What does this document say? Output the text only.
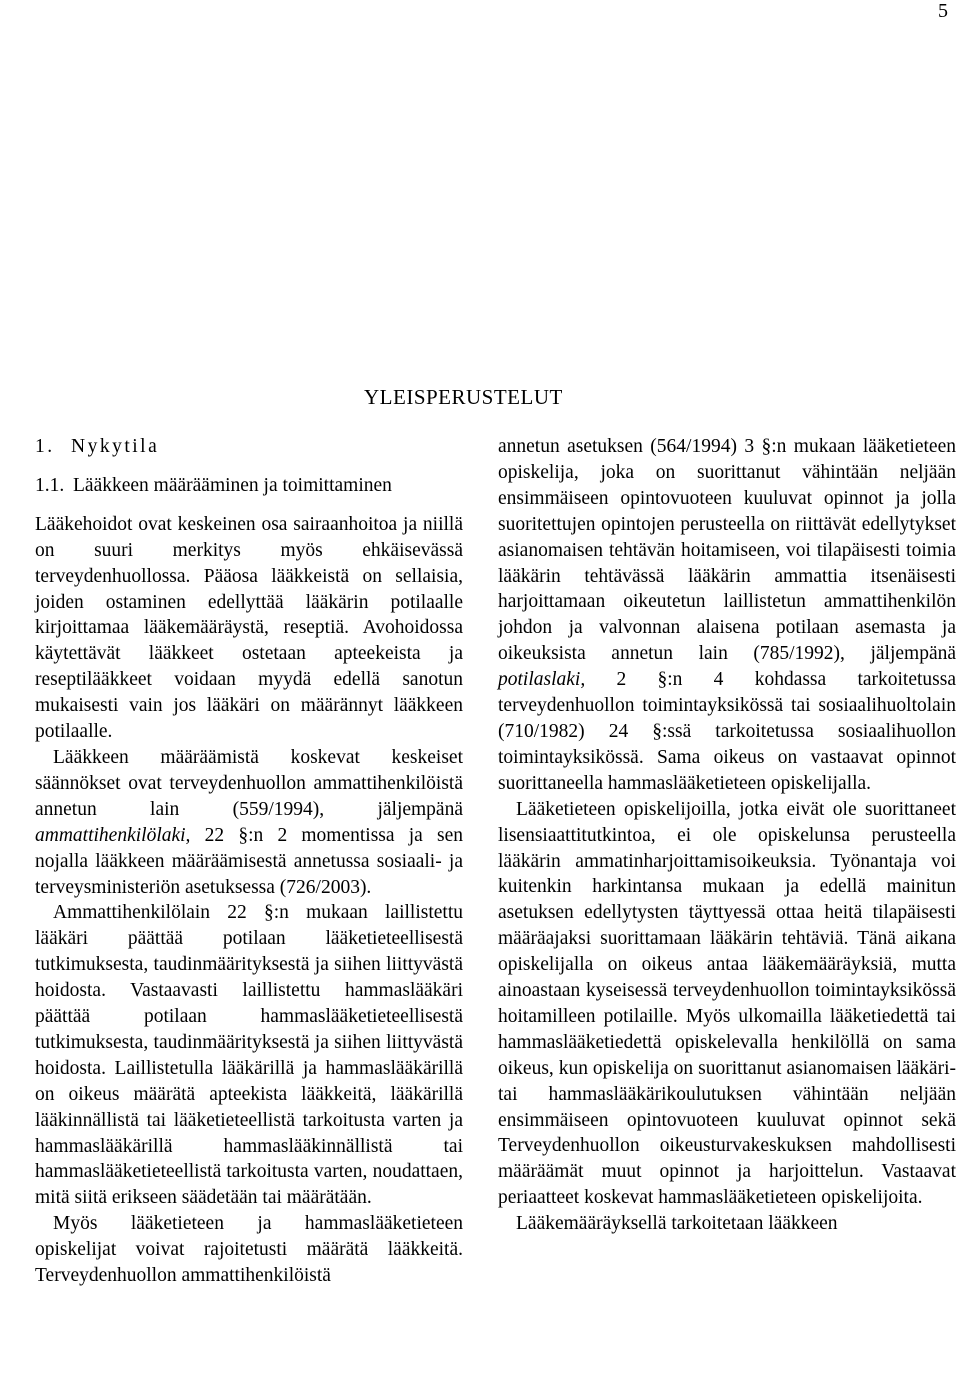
5
YLEISPERUSTELUT
1. Nykytila
1.1. Lääkkeen määrääminen ja toimittaminen

Lääkehoidot ovat keskeinen osa sairaanhoitoa ja niillä on suuri merkitys myös ehkäisevässä terveydenhuollossa. Pääosa lääkkeistä on sellaisia, joiden ostaminen edellyttää lääkärin potilaalle kirjoittamaa lääkemääräystä, reseptiä. Avohoidossa käytettävät lääkkeet ostetaan apteekeista ja reseptilääkkeet voidaan myydä edellä sanotun mukaisesti vain jos lääkäri on määrännyt lääkkeen potilaalle.

Lääkkeen määräämistä koskevat keskeiset säännökset ovat terveydenhuollon ammattihenkilöistä annetun lain (559/1994), jäljempänä ammattihenkilölaki, 22 §:n 2 momentissa ja sen nojalla lääkkeen määräämisestä annetussa sosiaali- ja terveysministeriön asetuksessa (726/2003).

Ammattihenkilölain 22 §:n mukaan laillistettu lääkäri päättää potilaan lääketieteellisestä tutkimuksesta, taudinmäärityksestä ja siihen liittyvästä hoidosta. Vastaavasti laillistettu hammaslääkäri päättää potilaan hammaslääketieteellisestä tutkimuksesta, taudinmäärityksestä ja siihen liittyvästä hoidosta. Laillistetulla lääkärillä ja hammaslääkärillä on oikeus määrätä apteekista lääkkeitä, lääkärillä lääkinnällistä tai lääketieteellistä tarkoitusta varten ja hammaslääkärillä hammaslääkinnällistä tai hammaslääketieteellistä tarkoitusta varten, noudattaen, mitä siitä erikseen säädetään tai määrätään.

Myös lääketieteen ja hammaslääketieteen opiskelijat voivat rajoitetusti määrätä lääkkeitä. Terveydenhuollon ammattihenkilöistä

annetun asetuksen (564/1994) 3 §:n mukaan lääketieteen opiskelija, joka on suorittanut vähintään neljään ensimmäiseen opintovuoteen kuuluvat opinnot ja jolla suoritettujen opintojen perusteella on riittävät edellytykset asianomaisen tehtävän hoitamiseen, voi tilapäisesti toimia lääkärin tehtävässä lääkärin ammattia itsenäisesti harjoittamaan oikeutetun laillistetun ammattihenkilön johdon ja valvonnan alaisena potilaan asemasta ja oikeuksista annetun lain (785/1992), jäljempänä potilaslaki, 2 §:n 4 kohdassa tarkoitetussa terveydenhuollon toimintayksikössä tai sosiaalihuoltolain (710/1982) 24 §:ssä tarkoitetussa sosiaalihuollon toimintayksikössä. Sama oikeus on vastaavat opinnot suorittaneella hammaslääketieteen opiskelijalla.

Lääketieteen opiskelijoilla, jotka eivät ole suorittaneet lisensiaattitutkintoa, ei ole opiskelunsa perusteella lääkärin ammatinharjoittamisoikeuksia. Työnantaja voi kuitenkin harkintansa mukaan ja edellä mainitun asetuksen edellytysten täyttyessä ottaa heitä tilapäisesti määräajaksi suorittamaan lääkärin tehtäviä. Tänä aikana opiskelijalla on oikeus antaa lääkemääräyksiä, mutta ainoastaan kyseisessä terveydenhuollon toimintayksikössä hoitamilleen potilaille. Myös ulkomailla lääketiedettä tai hammaslääketiedettä opiskelevalla henkilöllä on sama oikeus, kun opiskelija on suorittanut asianomaisen lääkäri- tai hammaslääkärikoulutuksen vähintään neljään ensimmäiseen opintovuoteen kuuluvat opinnot sekä Terveydenhuollon oikeusturvakeskuksen mahdollisesti määräämät muut opinnot ja harjoittelun. Vastaavat periaatteet koskevat hammaslääketieteen opiskelijoita.

Lääkemääräyksellä tarkoitetaan lääkkeen
